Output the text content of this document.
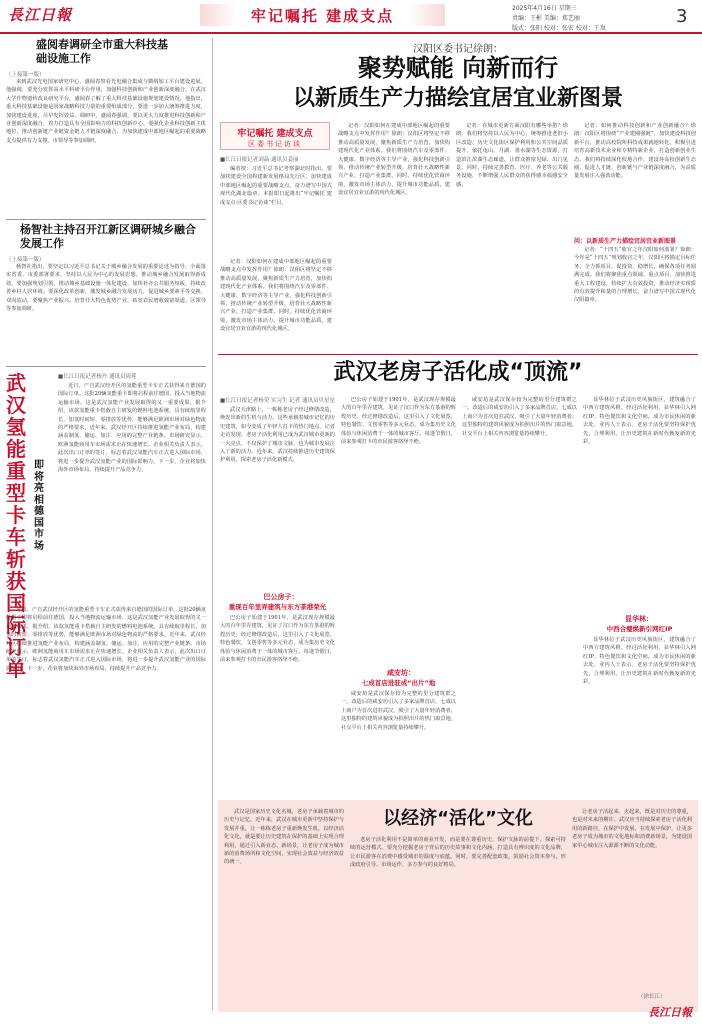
長江日報	牢记嘱托 建成支点	2025年4月16日 星期三
责编：王彬 美编：郑艺丽
版式：张阳 校对：张宏 校对：王岚
3
盛阅春调研全市重大科技基础设施工作
（上接第一版）
来到武汉光电国家研究中心，盛阅春察看光电融合集成与微纳加工平台建设进展。他强调，要充分发挥高水平科研平台作用，加强科技创新和产业创新深度融合。在武汉大学作物遗传改良研究平台，盛阅春了解了重大科技基础设施规划建设情况。他指出，重大科技基础设施是国家战略科技力量的重要组成部分，要进一步加大统筹推进力度，加快建设进度，尽早发挥效益。调研中，盛阅春强调，要以更大力度推进科技创新和产业创新深度融合，着力打造具有全国影响力的科技创新中心。要强化企业科技创新主体地位，推动创新链产业链资金链人才链深度融合，为加快建成中部地区崛起的重要战略支点提供有力支撑。市领导等参加调研。
杨智社主持召开江新区调研城乡融合发展工作
（上接第一版）
杨智社指出，要坚定以习近平总书记关于城乡融合发展的重要论述为指导，全面落实省委、市委部署要求，坚持以人民为中心的发展思想，推动城乡融合发展取得新成效。要加强规划引领，推动城乡基础设施一体化建设，加快补齐公共服务短板，持续改善乡村人居环境。要深化改革创新，激发城乡融合发展活力，促进城乡要素平等交换、双向流动。要聚焦产业振兴，培育壮大特色优势产业，拓宽农民增收致富渠道。区领导等参加调研。
武汉氢能重型卡车斩获国际订单
即将亮相德国市场
■长江日报记者杨丹 通讯员周莲
近日，产自武汉经开区的氢能重型卡车正式获得来自德国的国际订单。这批20辆氢能重卡即将启程前往德国，投入当地物流运输市场。这是武汉氢能产业发展取得的又一重要成果。据介绍，该款氢能重卡搭载自主研发的燃料电池系统，具有续航里程长、加氢时间短、零排放等优势，能够满足欧洲市场对绿色物流的严格要求。近年来，武汉经开区持续推进氢能产业布局，构建涵盖制氢、储运、加注、应用的完整产业链条。市场研究显示，欧洲氢能商用车市场需求正在快速增长。企业相关负责人表示，此次出口订单的签订，标志着武汉氢能汽车正式进入国际市场，将进一步提升武汉氢能产业的国际影响力。下一步，企业将加快海外市场布局，持续提升产品竞争力。
近日，产自武汉经开区的氢能重型卡车正式获得来自德国的国际订单。这批20辆氢能重卡即将启程前往德国，投入当地物流运输市场。这是武汉氢能产业发展取得的又一重要成果。据介绍，该款氢能重卡搭载自主研发的燃料电池系统，具有续航里程长、加氢时间短、零排放等优势，能够满足欧洲市场对绿色物流的严格要求。近年来，武汉经开区持续推进氢能产业布局，构建涵盖制氢、储运、加注、应用的完整产业链条。市场研究显示，欧洲氢能商用车市场需求正在快速增长。企业相关负责人表示，此次出口订单的签订，标志着武汉氢能汽车正式进入国际市场，将进一步提升武汉氢能产业的国际影响力。下一步，企业将加快海外市场布局，持续提升产品竞争力。
汉阳区委书记徐朗：
聚势赋能 向新而行
以新质生产力描绘宜居宜业新图景
牢记嘱托 建成支点
区委书记访谈
■长江日报记者刘晶 通讯员姜丽
编者按：习近平总书记考察湖北时指出，要加快建设全国构建新发展格局先行区，加快建成中部地区崛起的重要战略支点，奋力谱写中国式现代化湖北篇章。本报即日起推出“牢记嘱托 建成支点·区委书记访谈”栏目。
记者：汉阳如何在建成中部地区崛起的重要战略支点中发挥作用？徐朗：汉阳区将坚定不移推动高质量发展，聚焦新质生产力培育，加快构建现代化产业体系。我们将围绕汽车及零部件、大健康、数字经济等主导产业，强化科技创新引领，推动传统产业转型升级，培育壮大战略性新兴产业，打造产业集群。同时，持续优化营商环境，激发市场主体活力，提升城市功能品质，建设宜居宜业宜游的现代化城区。
记者：汉阳如何在建成中部地区崛起的重要战略支点中发挥作用？徐朗：汉阳区将坚定不移推动高质量发展，聚焦新质生产力培育，加快构建现代化产业体系。我们将围绕汽车及零部件、大健康、数字经济等主导产业，强化科技创新引领，推动传统产业转型升级，培育壮大战略性新兴产业，打造产业集群。同时，持续优化营商环境，激发市场主体活力，提升城市功能品质，建设宜居宜业宜游的现代化城区。
记者：在城市更新方面汉阳有哪些举措？徐朗：我们将坚持以人民为中心，统筹推进老旧小区改造、历史文化街区保护利用和公共空间品质提升。依托龟山、月湖、墨水湖等生态资源，打造滨江滨湖生态廊道，让群众推窗见绿、出门见景。同时，持续完善教育、医疗、养老等公共服务设施，不断增强人民群众的获得感幸福感安全感。
记者：如何推动科技创新和产业创新融合？徐朗：汉阳区将围绕“产业建圈强链”，加快建设科技创新平台，推动高校院所科技成果就地转化。积极引进培育高新技术企业和专精特新企业，打造创新创业生态。我们将持续深化校地合作，建设环高校创新生态圈，促进人才链、创新链与产业链深度融合，为高质量发展注入强劲动能。
问：以新质生产力描绘宜居宜业新图景
记者：“十四五”收官之年汉阳如何部署？徐朗：今年是“十四五”规划收官之年，汉阳区将锚定目标任务，全力抓项目、促投资、稳增长，确保各项任务圆满完成。我们将聚焦重点领域、重点项目，加快推进重大工程建设，持续扩大有效投资，推动经济实现质的有效提升和量的合理增长，奋力谱写中国式现代化汉阳篇章。
武汉老房子活化成“顶流”
■长江日报记者杨荣 实习生 记者 通讯员贝星星
武汉天津路上，一栋栋老房子经过修缮改造，焕发出新的生机与活力。这些承载着城市记忆的历史建筑，如今变成了年轻人打卡的热门地点。记者走访发现，老房子活化利用已成为武汉城市更新的一大亮点，不仅保护了城市文脉，也为城市发展注入了新的活力。近年来，武汉持续推进历史建筑保护利用，探索老房子活化新模式。
巴公房子：
重现百年里弄建筑与东方茶港荣光
巴公房子始建于1901年，是武汉现存规模最大的百年里弄建筑，见证了汉口作为东方茶港的辉煌历史。经过修缮改造后，这里引入了文化展览、特色餐饮、文创零售等多元业态，成为集历史文化体验与休闲消费于一体的城市客厅。每逢节假日，前来参观打卡的市民游客络绎不绝。
巴公房子始建于1901年，是武汉现存规模最大的百年里弄建筑，见证了汉口作为东方茶港的辉煌历史。经过修缮改造后，这里引入了文化展览、特色餐饮、文创零售等多元业态，成为集历史文化体验与休闲消费于一体的城市客厅。每逢节假日，前来参观打卡的市民游客络绎不绝。
咸安坊：
七成首店进驻成“出片”地
咸安坊是武汉保存较为完整的里分建筑群之一。改造后的咸安坊引入了多家品牌首店，七成以上商户为首次进驻武汉，吸引了大量年轻消费者。这里独特的建筑风貌成为拍照出片的热门取景地，社交平台上相关内容浏览量持续攀升。
咸安坊是武汉保存较为完整的里分建筑群之一。改造后的咸安坊引入了多家品牌首店，七成以上商户为首次进驻武汉，吸引了大量年轻消费者。这里独特的建筑风貌成为拍照出片的热门取景地，社交平台上相关内容浏览量持续攀升。
显华林位于武汉历史风貌街区，建筑融合了中西方建筑风格。经过活化利用，显华林引入网红IP、特色餐饮和文化空间，成为市民休闲的新去处。业内人士表示，老房子活化要坚持保护优先、合理利用，让历史建筑在新时代焕发新的光彩。
显华林：
中西合璧焕新引网红IP
显华林位于武汉历史风貌街区，建筑融合了中西方建筑风格。经过活化利用，显华林引入网红IP、特色餐饮和文化空间，成为市民休闲的新去处。业内人士表示，老房子活化要坚持保护优先、合理利用，让历史建筑在新时代焕发新的光彩。
以经济“活化”文化
武汉是国家历史文化名城，老房子承载着城市的历史与记忆。近年来，武汉在城市更新中坚持保护与发展并重，让一栋栋老房子重新焕发生机。以经济活化文化，就是要让历史建筑在保护的基础上实现合理利用，通过引入新业态、新场景，让老房子成为城市新的消费场所和文化空间，实现社会效益与经济效益的统一。
老房子活化利用不是简单的商业开发，而是要在尊重历史、保护文脉的前提下，探索可持续的运营模式。要充分挖掘老房子背后的历史故事和文化内涵，打造具有辨识度的文化品牌，让市民游客在消费中感受城市的温度与底蕴。同时，要完善配套政策，鼓励社会资本参与，形成政府引导、市场运作、多方参与的良好格局。
让老房子活起来、火起来，既是对历史的尊重，也是对未来的期许。武汉应当持续探索老房子活化利用的新路径，在保护中发展，在发展中保护，让更多老房子成为城市的文化地标和消费新场景，为建设国家中心城市注入源源不断的文化动能。
（徐长江）
長江日報
